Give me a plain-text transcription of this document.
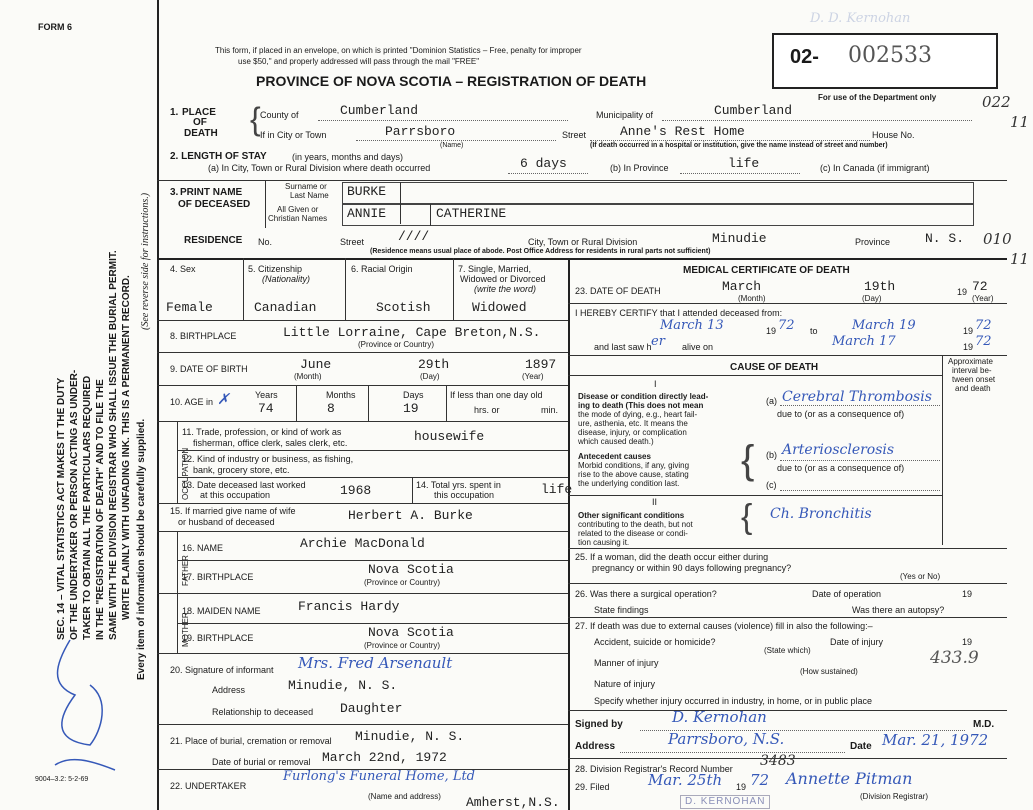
FORM 6
This form, if placed in an envelope, on which is printed "Dominion Statistics – Free, penalty for improper
use $50," and properly addressed will pass through the mail "FREE"
PROVINCE OF NOVA SCOTIA – REGISTRATION OF DEATH
D. D. Kernohan
02- 002533
For use of the Department only	022
11
010
11
SEC. 14 – VITAL STATISTICS ACT MAKES IT THE DUTY OF THE UNDERTAKER OR PERSON ACTING AS UNDER- TAKER TO OBTAIN ALL THE PARTICULARS REQUIRED IN THE "REGISTRATION OF DEATH" AND TO FILE THE SAME WITH THE DIVISION REGISTRAR WHO SHALL ISSUE THE BURIAL PERMIT. WRITE PLAINLY WITH UNFADING INK. THIS IS A PERMANENT RECORD. Every item of information should be carefully supplied.
(See reverse side for instructions.)
9004–3.2: 5-2-69
1. PLACE
OF
DEATH { County of	Cumberland	Municipality of	Cumberland
If in City or Town	Parrsboro
(Name)
Street	Anne's Rest Home	House No.
(If death occurred in a hospital or institution, give the name instead of street and number)
2. LENGTH OF STAY	(in years, months and days)
(a) In City, Town or Rural Division where death occurred	6 days	(b) In Province	life	(c) In Canada (if immigrant)
3. PRINT NAME
OF DECEASED
Surname or
Last Name
All Given or
Christian Names
BURKE
ANNIE	CATHERINE
RESIDENCE No.	Street	////	City, Town or Rural Division	Minudie	Province	N. S.
(Residence means usual place of abode. Post Office Address for residents in rural parts not sufficient)
4. Sex
Female
5. Citizenship
(Nationality)
Canadian
6. Racial Origin
Scotish
7. Single, Married,
Widowed or Divorced
(write the word)
Widowed
8. BIRTHPLACE	Little Lorraine, Cape Breton,N.S.
(Province or Country)
9. DATE OF BIRTH	June	29th	1897
(Month)	(Day)	(Year)
10. AGE in ✗	Years
74
Months
8
Days
19
If less than one day old
hrs. or	min.
OCCUPATION
11. Trade, profession, or kind of work as
fisherman, office clerk, sales clerk, etc.	housewife
12. Kind of industry or business, as fishing,
bank, grocery store, etc.
13. Date deceased last worked
at this occupation	1968	14. Total yrs. spent in
this occupation	life
15. If married give name of wife
or husband of deceased	Herbert A. Burke
FATHER
16. NAME	Archie MacDonald
17. BIRTHPLACE	Nova Scotia
(Province or Country)
MOTHER
18. MAIDEN NAME	Francis Hardy
19. BIRTHPLACE	Nova Scotia
(Province or Country)
20. Signature of informant Mrs. Fred Arsenault
Address	Minudie, N. S.
Relationship to deceased Daughter
21. Place of burial, cremation or removal Minudie, N. S.
Date of burial or removal March 22nd, 1972
22. UNDERTAKER
Furlong's Funeral Home, Ltd
(Name and address) Amherst,N.S.
MEDICAL CERTIFICATE OF DEATH
23. DATE OF DEATH	March	19th	19 72
(Month)	(Day)	(Year)
I HEREBY CERTIFY that I attended deceased from:
March 13	19 72 to	March 19	19 72
and last saw h er alive on	March 17	19 72
CAUSE OF DEATH
Approximate
interval be-
tween onset
and death
I
Disease or condition directly lead-
ing to death (This does not mean
the mode of dying, e.g., heart fail-
ure, asthenia, etc. It means the
disease, injury, or complication
which caused death.)
(a) Cerebral Thrombosis
due to (or as a consequence of)
Antecedent causes
Morbid conditions, if any, giving
rise to the above cause, stating
the underlying condition last.
{ (b) Arteriosclerosis
due to (or as a consequence of)
(c)
II
Other significant conditions
contributing to the death, but not
related to the disease or condi-
tion causing it.
{ Ch. Bronchitis
25. If a woman, did the death occur either during
pregnancy or within 90 days following pregnancy?
(Yes or No)
26. Was there a surgical operation?	Date of operation	19
State findings	Was there an autopsy?
27. If death was due to external causes (violence) fill in also the following:–
Accident, suicide or homicide?
(State which)
Date of injury	19
Manner of injury
(How sustained)
433.9
Nature of injury
Specify whether injury occurred in industry, in home, or in public place
Signed by	D. Kernohan	M.D.
Address	Parrsboro, N.S.	Date Mar. 21, 1972
28. Division Registrar's Record Number 3483
29. Filed	Mar. 25th 19 72 Annette Pitman
(Division Registrar)
D. KERNOHAN
